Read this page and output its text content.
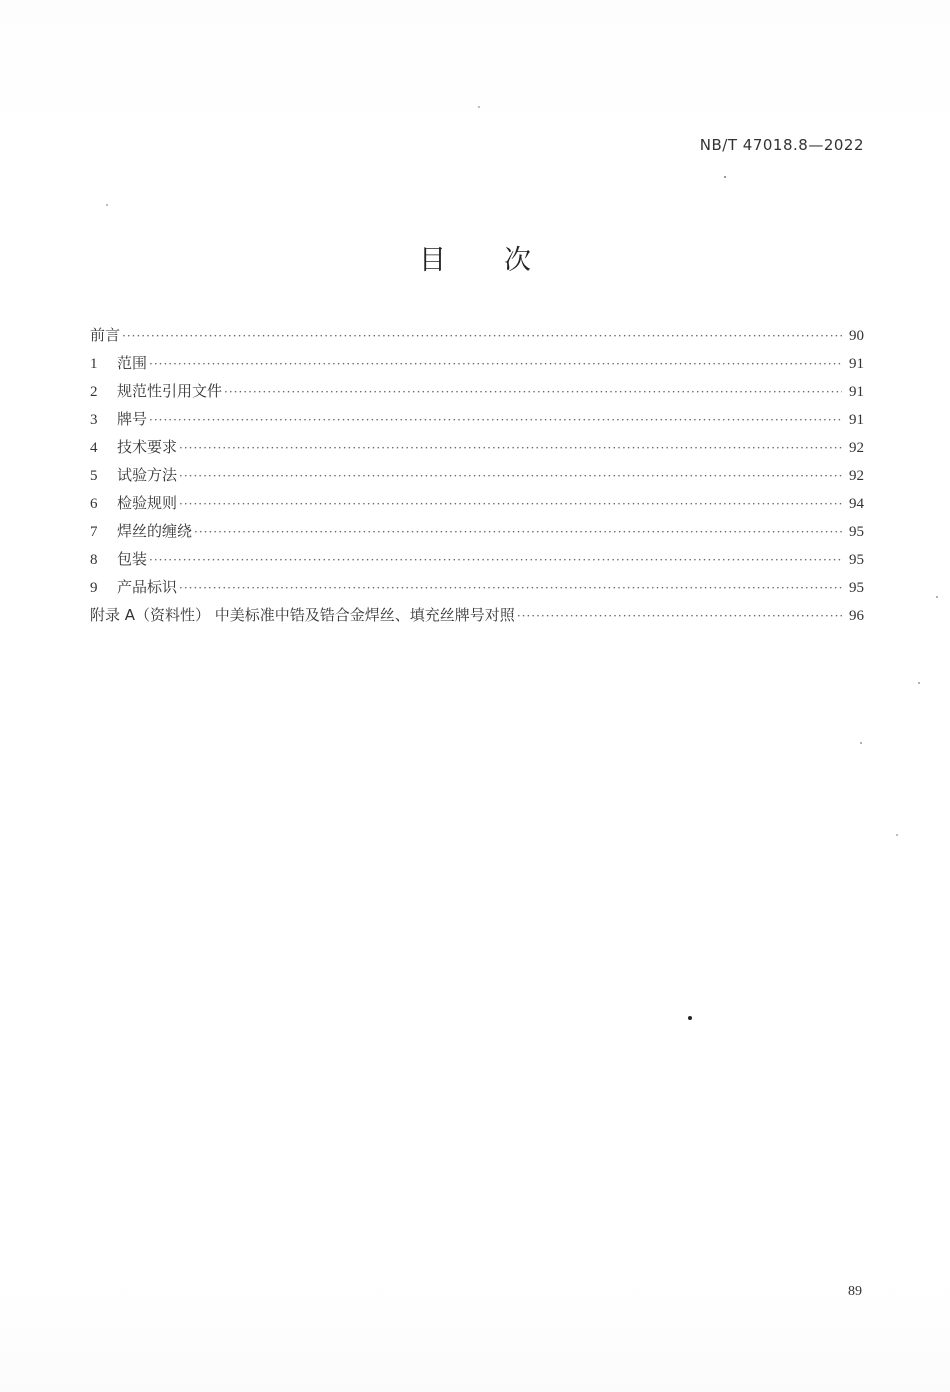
NB/T 47018.8—2022
目 次
前言 ·····	90
1	范围 ·····	91
2	规范性引用文件 ·····	91
3	牌号 ·····	91
4	技术要求 ·····	92
5	试验方法 ·····	92
6	检验规则 ·····	94
7	焊丝的缠绕 ·····	95
8	包装 ·····	95
9	产品标识 ·····	95
附录 A（资料性） 中美标准中锆及锆合金焊丝、填充丝牌号对照 ·····	96
89
